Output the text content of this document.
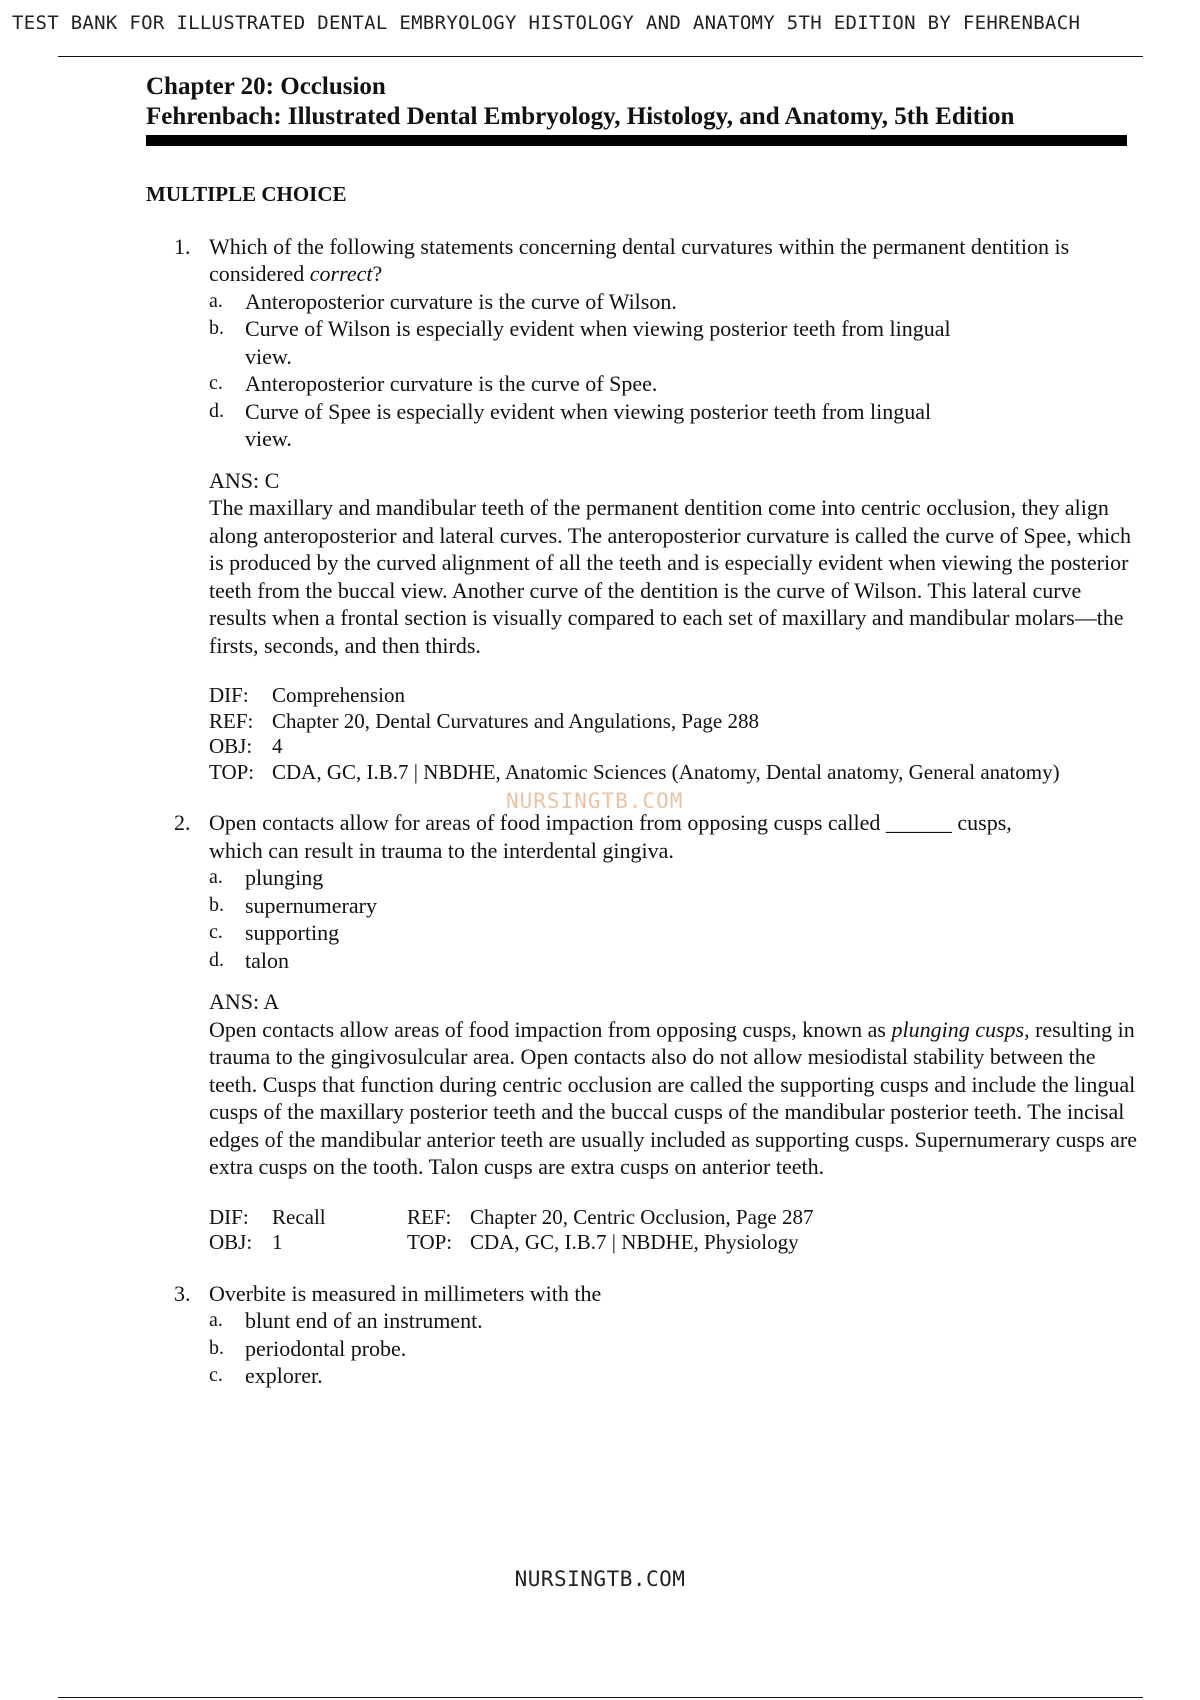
TEST BANK FOR ILLUSTRATED DENTAL EMBRYOLOGY HISTOLOGY AND ANATOMY 5TH EDITION BY FEHRENBACH
Chapter 20: Occlusion
Fehrenbach: Illustrated Dental Embryology, Histology, and Anatomy, 5th Edition
MULTIPLE CHOICE
1. Which of the following statements concerning dental curvatures within the permanent dentition is considered correct?
a. Anteroposterior curvature is the curve of Wilson.
b. Curve of Wilson is especially evident when viewing posterior teeth from lingual view.
c. Anteroposterior curvature is the curve of Spee.
d. Curve of Spee is especially evident when viewing posterior teeth from lingual view.
ANS: C
The maxillary and mandibular teeth of the permanent dentition come into centric occlusion, they align along anteroposterior and lateral curves. The anteroposterior curvature is called the curve of Spee, which is produced by the curved alignment of all the teeth and is especially evident when viewing the posterior teeth from the buccal view. Another curve of the dentition is the curve of Wilson. This lateral curve results when a frontal section is visually compared to each set of maxillary and mandibular molars—the firsts, seconds, and then thirds.
DIF: Comprehension
REF: Chapter 20, Dental Curvatures and Angulations, Page 288
OBJ: 4
TOP: CDA, GC, I.B.7 | NBDHE, Anatomic Sciences (Anatomy, Dental anatomy, General anatomy)
2. Open contacts allow for areas of food impaction from opposing cusps called ______ cusps, which can result in trauma to the interdental gingiva.
a. plunging
b. supernumerary
c. supporting
d. talon
ANS: A
Open contacts allow areas of food impaction from opposing cusps, known as plunging cusps, resulting in trauma to the gingivosulcular area. Open contacts also do not allow mesiodistal stability between the teeth. Cusps that function during centric occlusion are called the supporting cusps and include the lingual cusps of the maxillary posterior teeth and the buccal cusps of the mandibular posterior teeth. The incisal edges of the mandibular anterior teeth are usually included as supporting cusps. Supernumerary cusps are extra cusps on the tooth. Talon cusps are extra cusps on anterior teeth.
DIF: Recall	REF: Chapter 20, Centric Occlusion, Page 287
OBJ: 1	TOP: CDA, GC, I.B.7 | NBDHE, Physiology
3. Overbite is measured in millimeters with the
a. blunt end of an instrument.
b. periodontal probe.
c. explorer.
NURSINGTB.COM
NURSINGTB.COM
